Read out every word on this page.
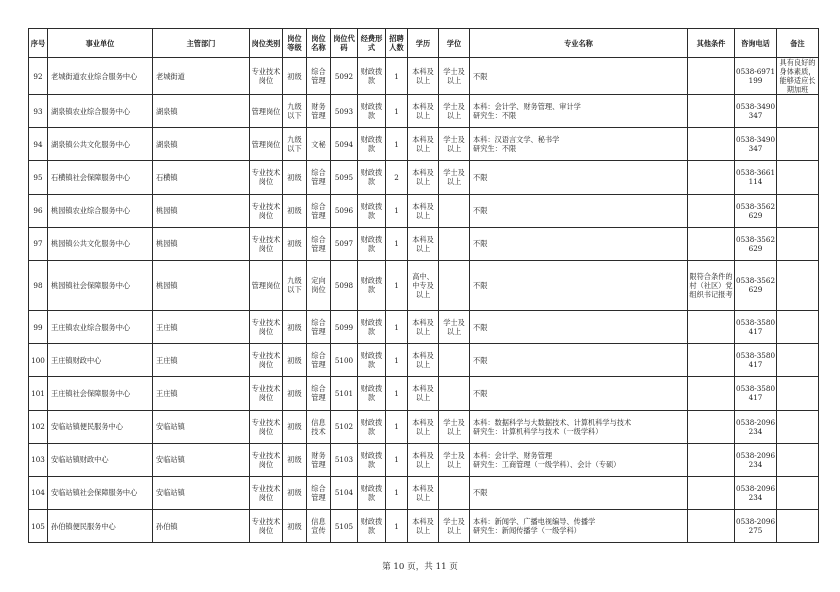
序号	事业单位	主管部门	岗位类别	岗位等级	岗位名称	岗位代码	经费形式	招聘人数	学历	学位	专业名称	其他条件	咨询电话	备注
92	老城街道农业综合服务中心	老城街道	专业技术岗位	初级	综合管理	5092	财政拨款	1	本科及以上	学士及以上	不限		0538-6971199	具有良好的身体素质，能够适应长期加班
93	湖泉镇农业综合服务中心	湖泉镇	管理岗位	九级以下	财务管理	5093	财政拨款	1	本科及以上	学士及以上	本科：会计学、财务管理、审计学
研究生：不限		0538-3490347	
94	湖泉镇公共文化服务中心	湖泉镇	管理岗位	九级以下	文秘	5094	财政拨款	1	本科及以上	学士及以上	本科：汉语言文学、秘书学
研究生：不限		0538-3490347	
95	石横镇社会保障服务中心	石横镇	专业技术岗位	初级	综合管理	5095	财政拨款	2	本科及以上	学士及以上	不限		0538-3661114	
96	桃园镇农业综合服务中心	桃园镇	专业技术岗位	初级	综合管理	5096	财政拨款	1	本科及以上		不限		0538-3562629	
97	桃园镇公共文化服务中心	桃园镇	专业技术岗位	初级	综合管理	5097	财政拨款	1	本科及以上		不限		0538-3562629	
98	桃园镇社会保障服务中心	桃园镇	管理岗位	九级以下	定向岗位	5098	财政拨款	1	高中、中专及以上		不限	限符合条件的村（社区）党组织书记报考	0538-3562629	
99	王庄镇农业综合服务中心	王庄镇	专业技术岗位	初级	综合管理	5099	财政拨款	1	本科及以上	学士及以上	不限		0538-3580417	
100	王庄镇财政中心	王庄镇	专业技术岗位	初级	综合管理	5100	财政拨款	1	本科及以上		不限		0538-3580417	
101	王庄镇社会保障服务中心	王庄镇	专业技术岗位	初级	综合管理	5101	财政拨款	1	本科及以上		不限		0538-3580417	
102	安临站镇便民服务中心	安临站镇	专业技术岗位	初级	信息技术	5102	财政拨款	1	本科及以上	学士及以上	本科：数据科学与大数据技术、计算机科学与技术
研究生：计算机科学与技术（一级学科）		0538-2096234	
103	安临站镇财政中心	安临站镇	专业技术岗位	初级	财务管理	5103	财政拨款	1	本科及以上	学士及以上	本科：会计学、财务管理
研究生：工商管理（一级学科）、会计（专硕）		0538-2096234	
104	安临站镇社会保障服务中心	安临站镇	专业技术岗位	初级	综合管理	5104	财政拨款	1	本科及以上		不限		0538-2096234	
105	孙伯镇便民服务中心	孙伯镇	专业技术岗位	初级	信息宣传	5105	财政拨款	1	本科及以上	学士及以上	本科：新闻学、广播电视编导、传播学
研究生：新闻传播学（一级学科）		0538-2096275	
第 10 页，共 11 页
